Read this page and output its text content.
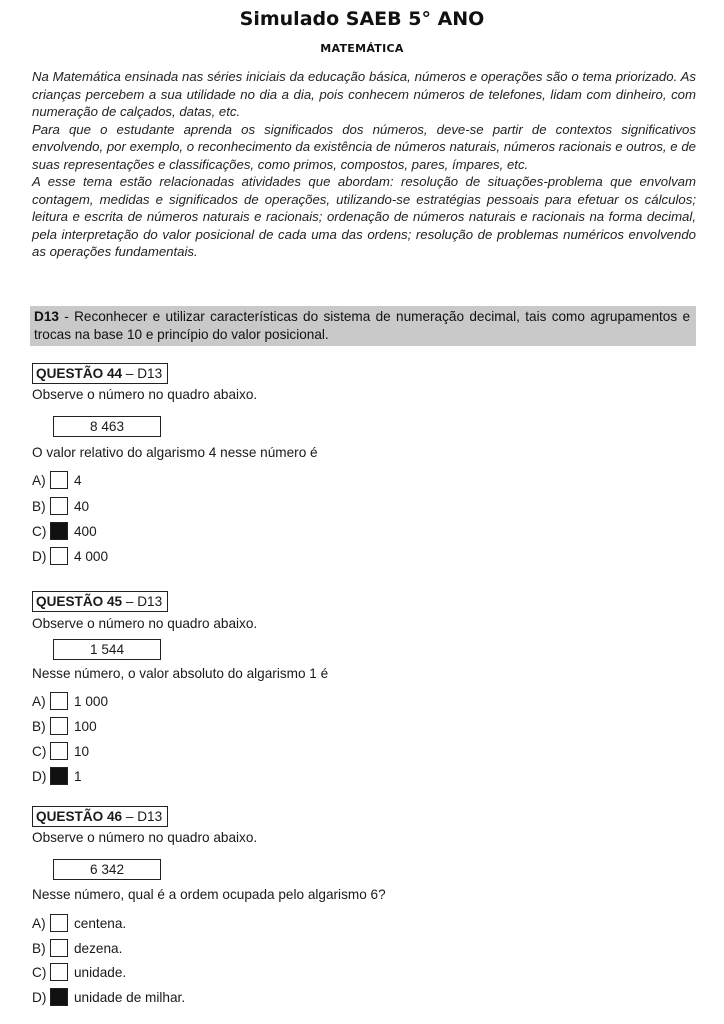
Simulado SAEB 5° ANO
MATEMÁTICA

Na Matemática ensinada nas séries iniciais da educação básica, números e operações são o tema priorizado. As crianças percebem a sua utilidade no dia a dia, pois conhecem números de telefones, lidam com dinheiro, com numeração de calçados, datas, etc.

Para que o estudante aprenda os significados dos números, deve-se partir de contextos significativos envolvendo, por exemplo, o reconhecimento da existência de números naturais, números racionais e outros, e de suas representações e classificações, como primos, compostos, pares, ímpares, etc.

A esse tema estão relacionadas atividades que abordam: resolução de situações-problema que envolvam contagem, medidas e significados de operações, utilizando-se estratégias pessoais para efetuar os cálculos; leitura e escrita de números naturais e racionais; ordenação de números naturais e racionais na forma decimal, pela interpretação do valor posicional de cada uma das ordens; resolução de problemas numéricos envolvendo as operações fundamentais.

D13 - Reconhecer e utilizar características do sistema de numeração decimal, tais como agrupamentos e trocas na base 10 e princípio do valor posicional.
QUESTÃO 44 – D13
Observe o número no quadro abaixo.
8 463
O valor relativo do algarismo 4 nesse número é
A) 4
B) 40
C) 400
D) 4 000
QUESTÃO 45 – D13
Observe o número no quadro abaixo.
1 544
Nesse número, o valor absoluto do algarismo 1 é
A) 1 000
B) 100
C) 10
D) 1
QUESTÃO 46 – D13
Observe o número no quadro abaixo.
6 342
Nesse número, qual é a ordem ocupada pelo algarismo 6?
A) centena.
B) dezena.
C) unidade.
D) unidade de milhar.
